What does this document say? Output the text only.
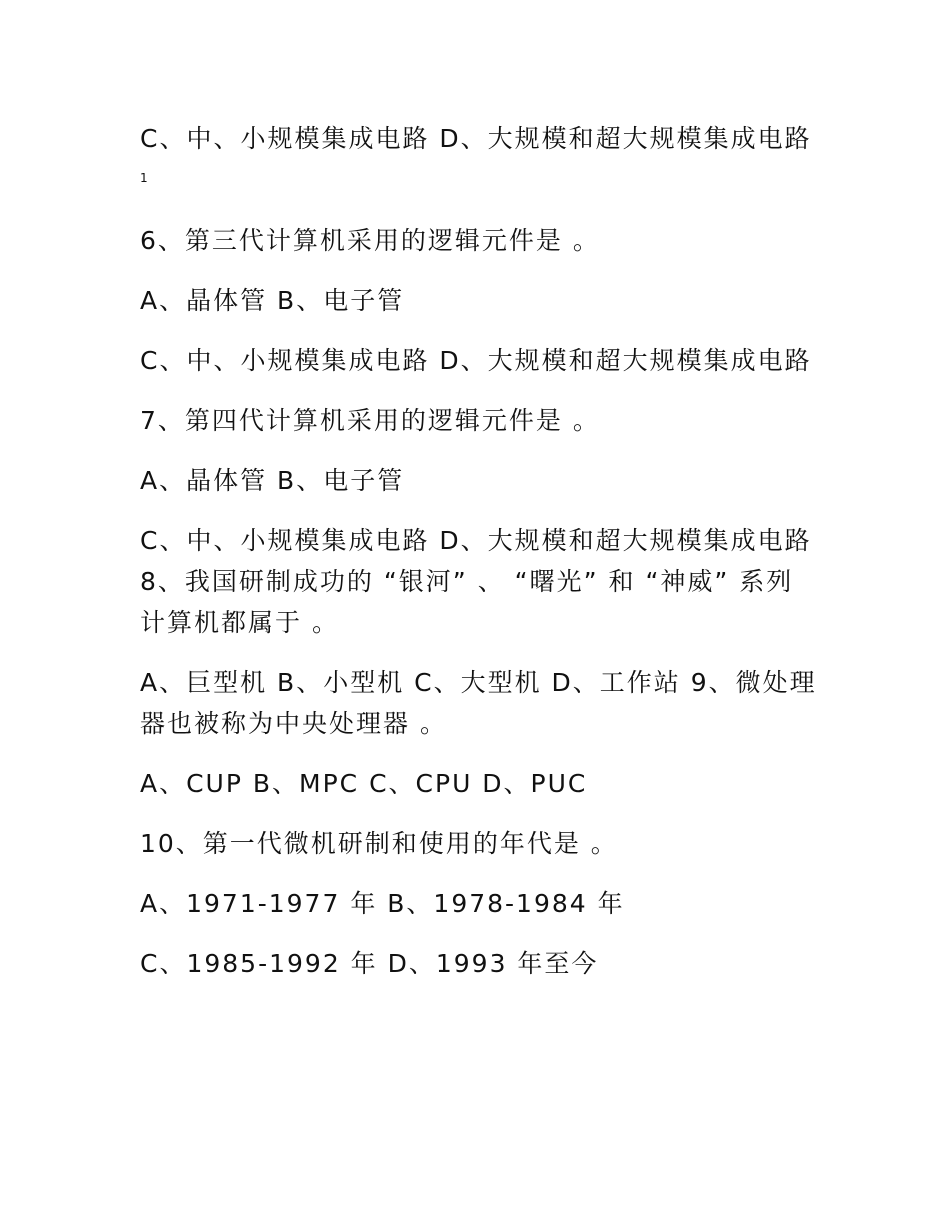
C、中、小规模集成电路 D、大规模和超大规模集成电路

1

6、第三代计算机采用的逻辑元件是 。

A、晶体管 B、电子管

C、中、小规模集成电路 D、大规模和超大规模集成电路

7、第四代计算机采用的逻辑元件是 。

A、晶体管 B、电子管

C、中、小规模集成电路 D、大规模和超大规模集成电路 8、我国研制成功的 “银河” 、 “曙光” 和 “神威” 系列计算机都属于 。

A、巨型机 B、小型机 C、大型机 D、工作站 9、微处理器也被称为中央处理器 。

A、CUP B、MPC C、CPU D、PUC

10、第一代微机研制和使用的年代是 。

A、1971-1977 年 B、1978-1984 年

C、1985-1992 年 D、1993 年至今
